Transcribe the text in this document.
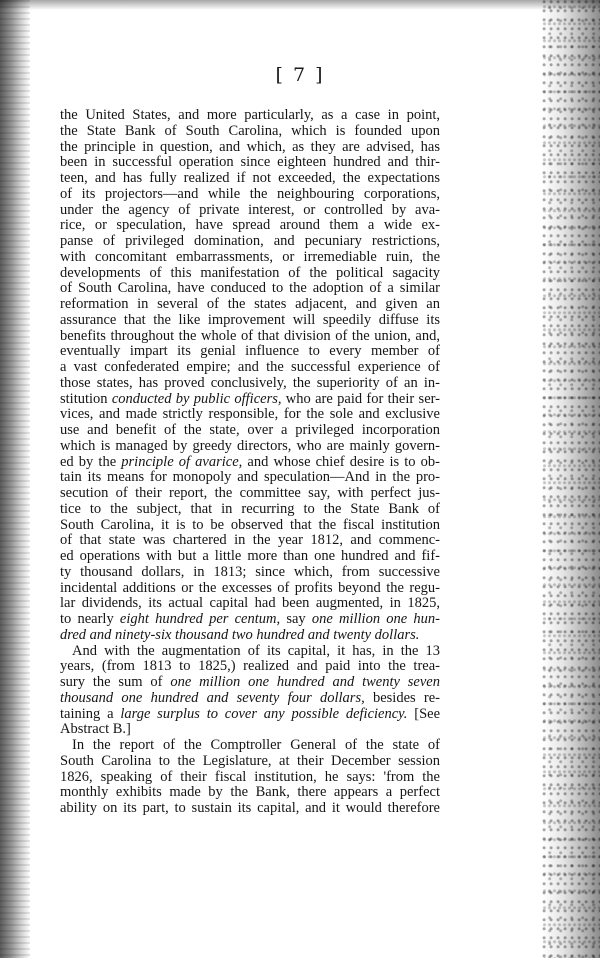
[ 7 ]
the United States, and more particularly, as a case in point,
the State Bank of South Carolina, which is founded upon
the principle in question, and which, as they are advised, has
been in successful operation since eighteen hundred and thir-
teen, and has fully realized if not exceeded, the expectations
of its projectors—and while the neighbouring corporations,
under the agency of private interest, or controlled by ava-
rice, or speculation, have spread around them a wide ex-
panse of privileged domination, and pecuniary restrictions,
with concomitant embarrassments, or irremediable ruin, the
developments of this manifestation of the political sagacity
of South Carolina, have conduced to the adoption of a similar
reformation in several of the states adjacent, and given an
assurance that the like improvement will speedily diffuse its
benefits throughout the whole of that division of the union, and,
eventually impart its genial influence to every member of
a vast confederated empire; and the successful experience of
those states, has proved conclusively, the superiority of an in-
stitution conducted by public officers, who are paid for their ser-
vices, and made strictly responsible, for the sole and exclusive
use and benefit of the state, over a privileged incorporation
which is managed by greedy directors, who are mainly govern-
ed by the principle of avarice, and whose chief desire is to ob-
tain its means for monopoly and speculation—And in the pro-
secution of their report, the committee say, with perfect jus-
tice to the subject, that in recurring to the State Bank of
South Carolina, it is to be observed that the fiscal institution
of that state was chartered in the year 1812, and commenc-
ed operations with but a little more than one hundred and fif-
ty thousand dollars, in 1813; since which, from successive
incidental additions or the excesses of profits beyond the regu-
lar dividends, its actual capital had been augmented, in 1825,
to nearly eight hundred per centum, say one million one hun-
dred and ninety-six thousand two hundred and twenty dollars.
And with the augmentation of its capital, it has, in the 13
years, (from 1813 to 1825,) realized and paid into the trea-
sury the sum of one million one hundred and twenty seven
thousand one hundred and seventy four dollars, besides re-
taining a large surplus to cover any possible deficiency. [See
Abstract B.]
In the report of the Comptroller General of the state of
South Carolina to the Legislature, at their December session
1826, speaking of their fiscal institution, he says: 'from the
monthly exhibits made by the Bank, there appears a perfect
ability on its part, to sustain its capital, and it would therefore
